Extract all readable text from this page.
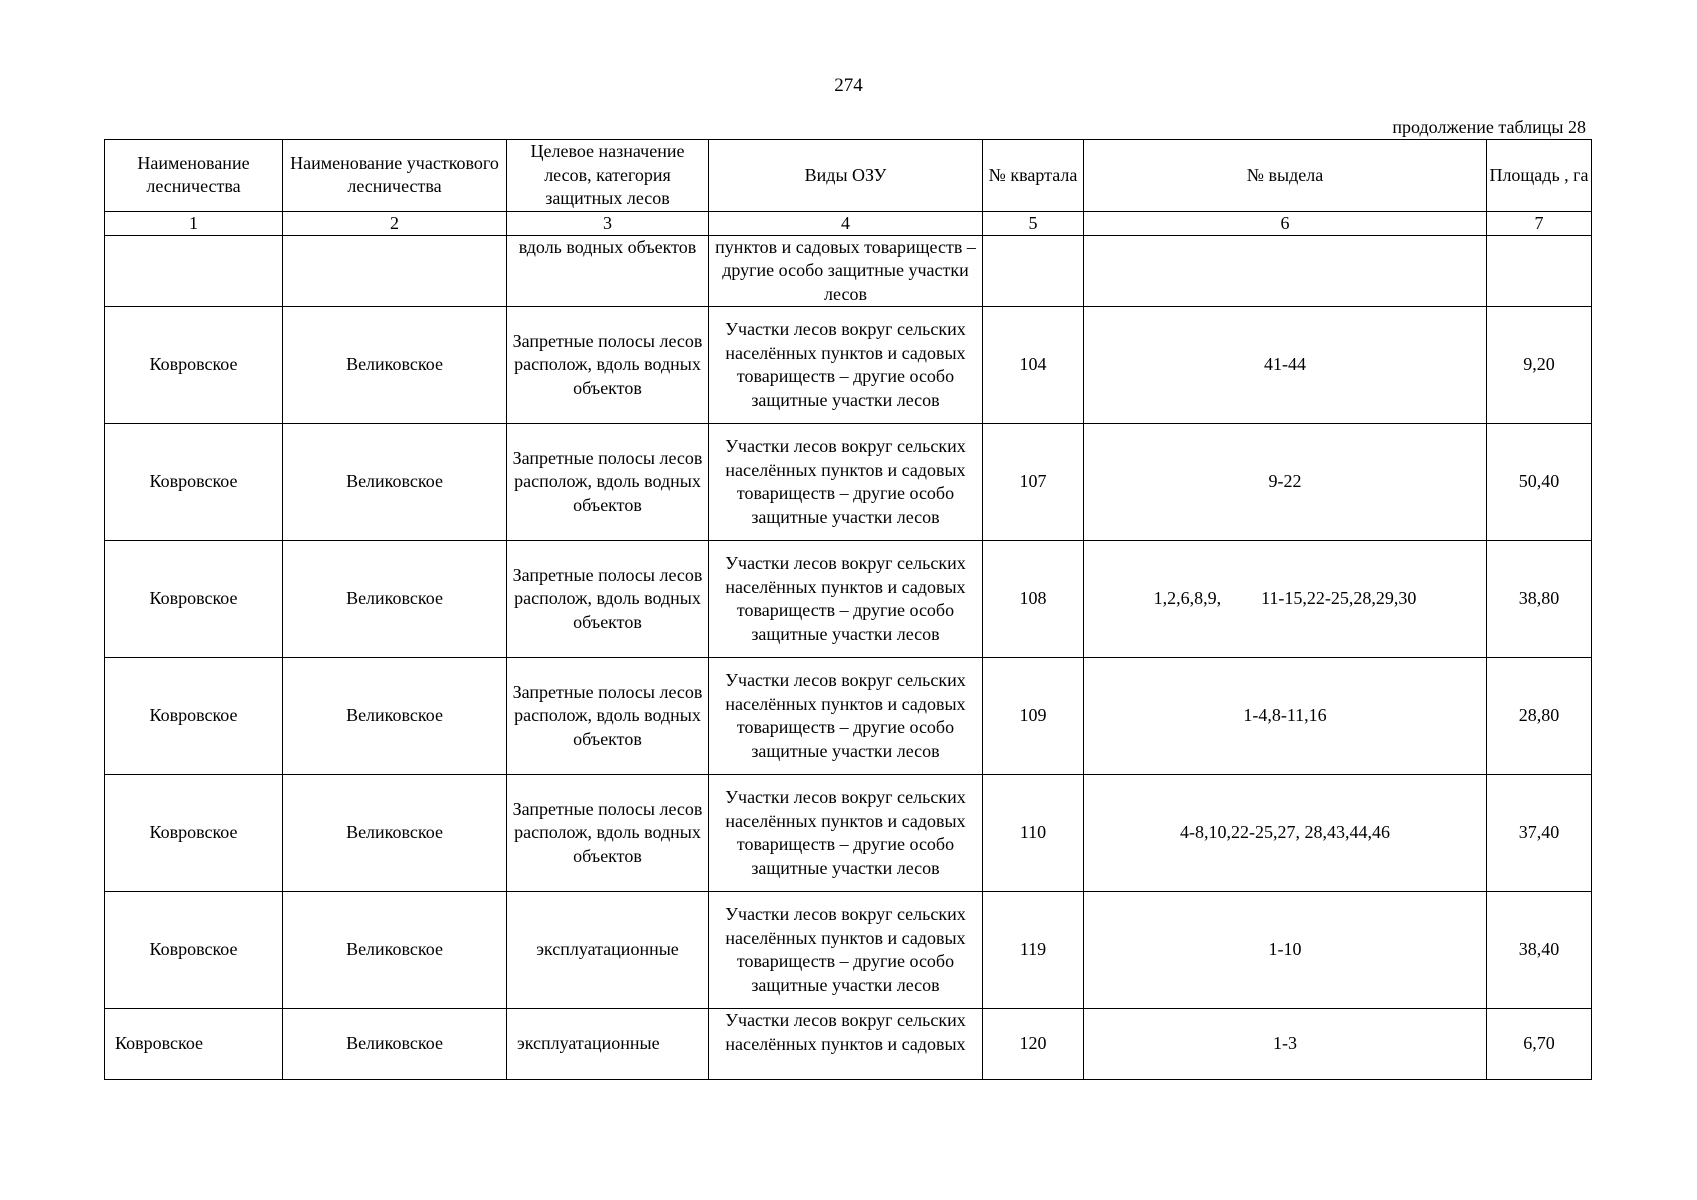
274
продолжение таблицы 28
Наименование лесничества	Наименование участкового лесничества	Целевое назначение лесов, категория защитных лесов	Виды ОЗУ	№ квартала	№ выдела	Площадь , га
1	2	3	4	5	6	7
		вдоль водных объектов	пунктов и садовых товариществ – другие особо защитные участки лесов			
Ковровское	Великовское	Запретные полосы лесов располож, вдоль водных объектов	Участки лесов вокруг сельских населённых пунктов и садовых товариществ – другие особо защитные участки лесов	104	41-44	9,20
Ковровское	Великовское	Запретные полосы лесов располож, вдоль водных объектов	Участки лесов вокруг сельских населённых пунктов и садовых товариществ – другие особо защитные участки лесов	107	9-22	50,40
Ковровское	Великовское	Запретные полосы лесов располож, вдоль водных объектов	Участки лесов вокруг сельских населённых пунктов и садовых товариществ – другие особо защитные участки лесов	108	1,2,6,8,9, 11-15,22-25,28,29,30	38,80
Ковровское	Великовское	Запретные полосы лесов располож, вдоль водных объектов	Участки лесов вокруг сельских населённых пунктов и садовых товариществ – другие особо защитные участки лесов	109	1-4,8-11,16	28,80
Ковровское	Великовское	Запретные полосы лесов располож, вдоль водных объектов	Участки лесов вокруг сельских населённых пунктов и садовых товариществ – другие особо защитные участки лесов	110	4-8,10,22-25,27, 28,43,44,46	37,40
Ковровское	Великовское	эксплуатационные	Участки лесов вокруг сельских населённых пунктов и садовых товариществ – другие особо защитные участки лесов	119	1-10	38,40
Ковровское	Великовское	эксплуатационные	Участки лесов вокруг сельских населённых пунктов и садовых	120	1-3	6,70
